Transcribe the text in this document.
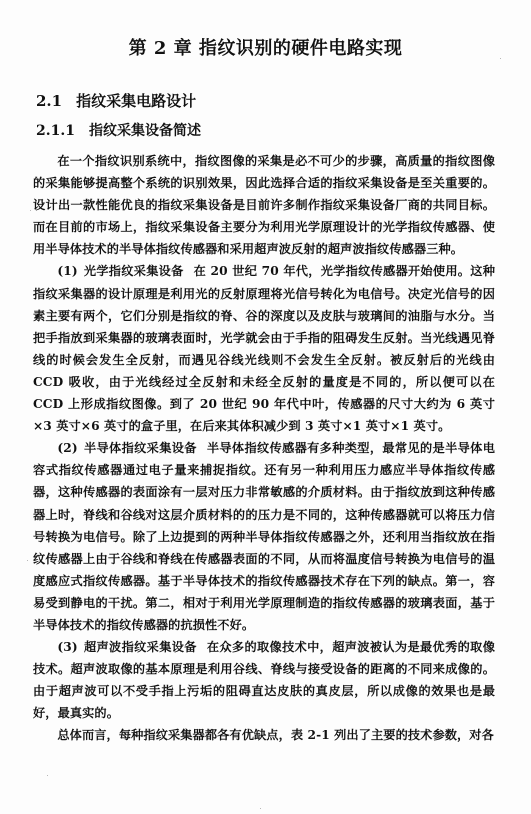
第 2 章 指纹识别的硬件电路实现
2.1 指纹采集电路设计
2.1.1 指纹采集设备简述

在一个指纹识别系统中，指纹图像的采集是必不可少的步骤，高质量的指纹图像的采集能够提高整个系统的识别效果，因此选择合适的指纹采集设备是至关重要的。设计出一款性能优良的指纹采集设备是目前许多制作指纹采集设备厂商的共同目标。而在目前的市场上，指纹采集设备主要分为利用光学原理设计的光学指纹传感器、使用半导体技术的半导体指纹传感器和采用超声波反射的超声波指纹传感器三种。

(1) 光学指纹采集设备 在 20 世纪 70 年代，光学指纹传感器开始使用。这种指纹采集器的设计原理是利用光的反射原理将光信号转化为电信号。决定光信号的因素主要有两个，它们分别是指纹的脊、谷的深度以及皮肤与玻璃间的油脂与水分。当把手指放到采集器的玻璃表面时，光学就会由于手指的阻碍发生反射。当光线遇见脊线的时候会发生全反射，而遇见谷线光线则不会发生全反射。被反射后的光线由 CCD 吸收，由于光线经过全反射和未经全反射的量度是不同的，所以便可以在 CCD 上形成指纹图像。到了 20 世纪 90 年代中叶，传感器的尺寸大约为 6 英寸×3 英寸×6 英寸的盒子里，在后来其体积减少到 3 英寸×1 英寸×1 英寸。

(2) 半导体指纹采集设备 半导体指纹传感器有多种类型，最常见的是半导体电容式指纹传感器通过电子量来捕捉指纹。还有另一种利用压力感应半导体指纹传感器，这种传感器的表面涂有一层对压力非常敏感的介质材料。由于指纹放到这种传感器上时，脊线和谷线对这层介质材料的的压力是不同的，这种传感器就可以将压力信号转换为电信号。除了上边提到的两种半导体指纹传感器之外，还利用当指纹放在指纹传感器上由于谷线和脊线在传感器表面的不同，从而将温度信号转换为电信号的温度感应式指纹传感器。基于半导体技术的指纹传感器技术存在下列的缺点。第一，容易受到静电的干扰。第二，相对于利用光学原理制造的指纹传感器的玻璃表面，基于半导体技术的指纹传感器的抗损性不好。

(3) 超声波指纹采集设备 在众多的取像技术中，超声波被认为是最优秀的取像技术。超声波取像的基本原理是利用谷线、脊线与接受设备的距离的不同来成像的。由于超声波可以不受手指上污垢的阻碍直达皮肤的真皮层，所以成像的效果也是最好，最真实的。

总体而言，每种指纹采集器都各有优缺点，表 2-1 列出了主要的技术参数，对各
